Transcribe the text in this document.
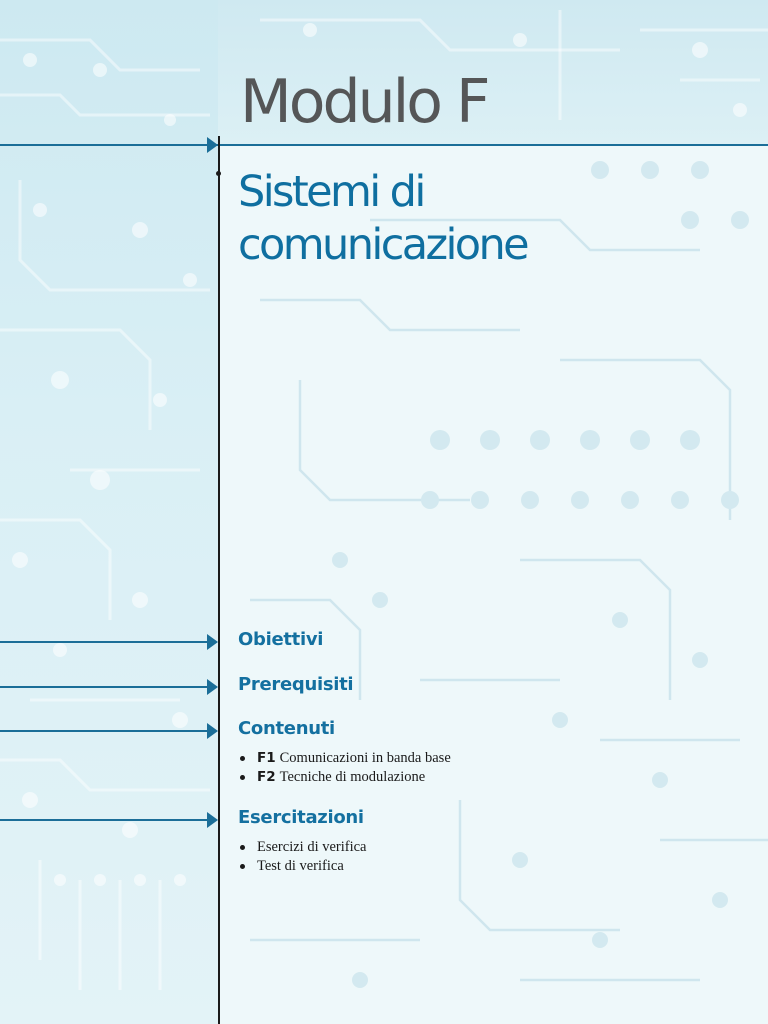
Modulo F
Sistemi di
comunicazione
Obiettivi
Prerequisiti
Contenuti
F1 Comunicazioni in banda base
F2 Tecniche di modulazione
Esercitazioni
Esercizi di verifica
Test di verifica
